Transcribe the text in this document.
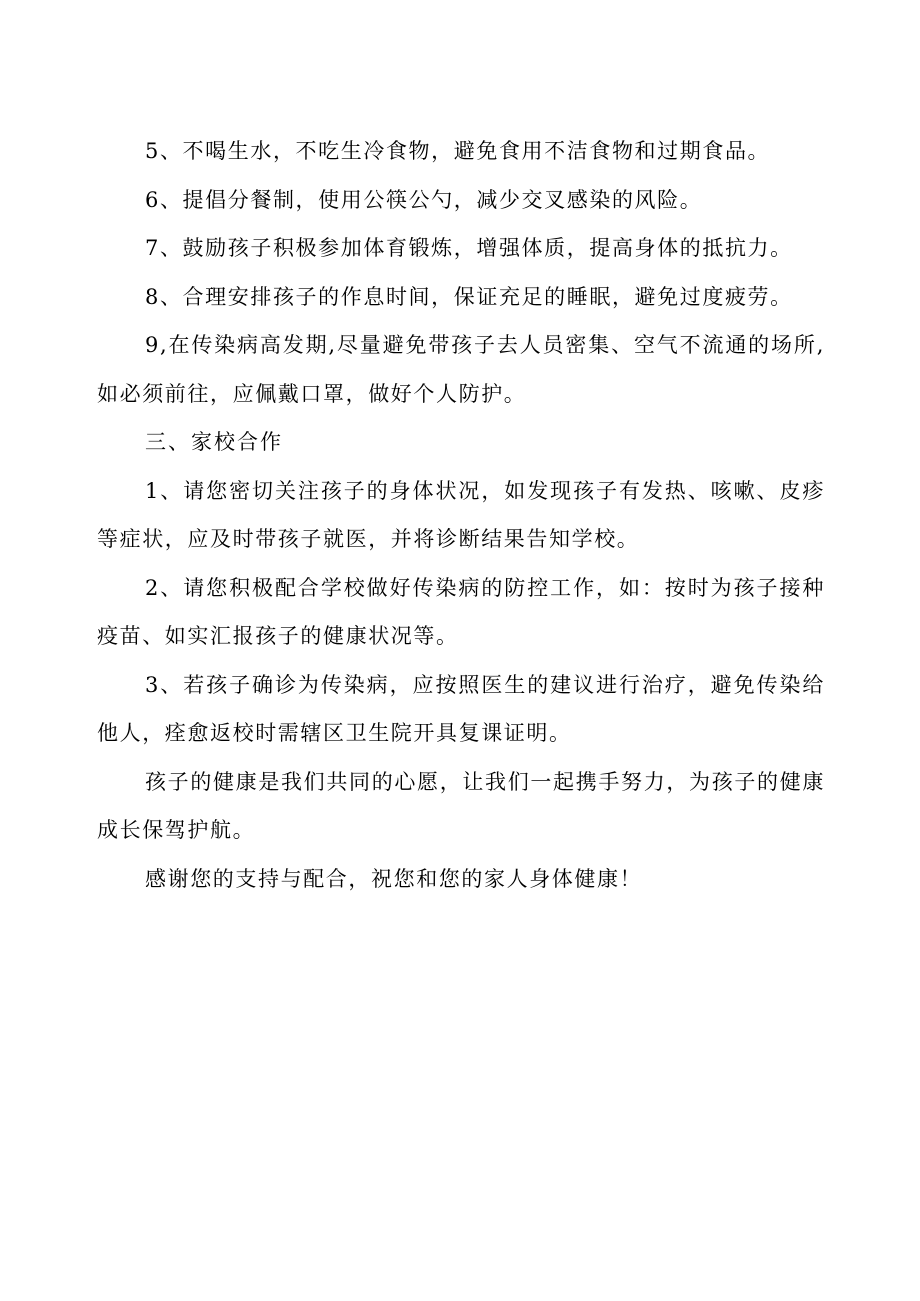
5、不喝生水，不吃生冷食物，避免食用不洁食物和过期食品。

6、提倡分餐制，使用公筷公勺，减少交叉感染的风险。

7、鼓励孩子积极参加体育锻炼，增强体质，提高身体的抵抗力。

8、合理安排孩子的作息时间，保证充足的睡眠，避免过度疲劳。

9,在传染病高发期,尽量避免带孩子去人员密集、空气不流通的场所,如必须前往，应佩戴口罩，做好个人防护。

三、家校合作

1、请您密切关注孩子的身体状况，如发现孩子有发热、咳嗽、皮疹等症状，应及时带孩子就医，并将诊断结果告知学校。

2、请您积极配合学校做好传染病的防控工作，如：按时为孩子接种疫苗、如实汇报孩子的健康状况等。

3、若孩子确诊为传染病，应按照医生的建议进行治疗，避免传染给他人，痊愈返校时需辖区卫生院开具复课证明。

孩子的健康是我们共同的心愿，让我们一起携手努力，为孩子的健康成长保驾护航。

感谢您的支持与配合，祝您和您的家人身体健康！
